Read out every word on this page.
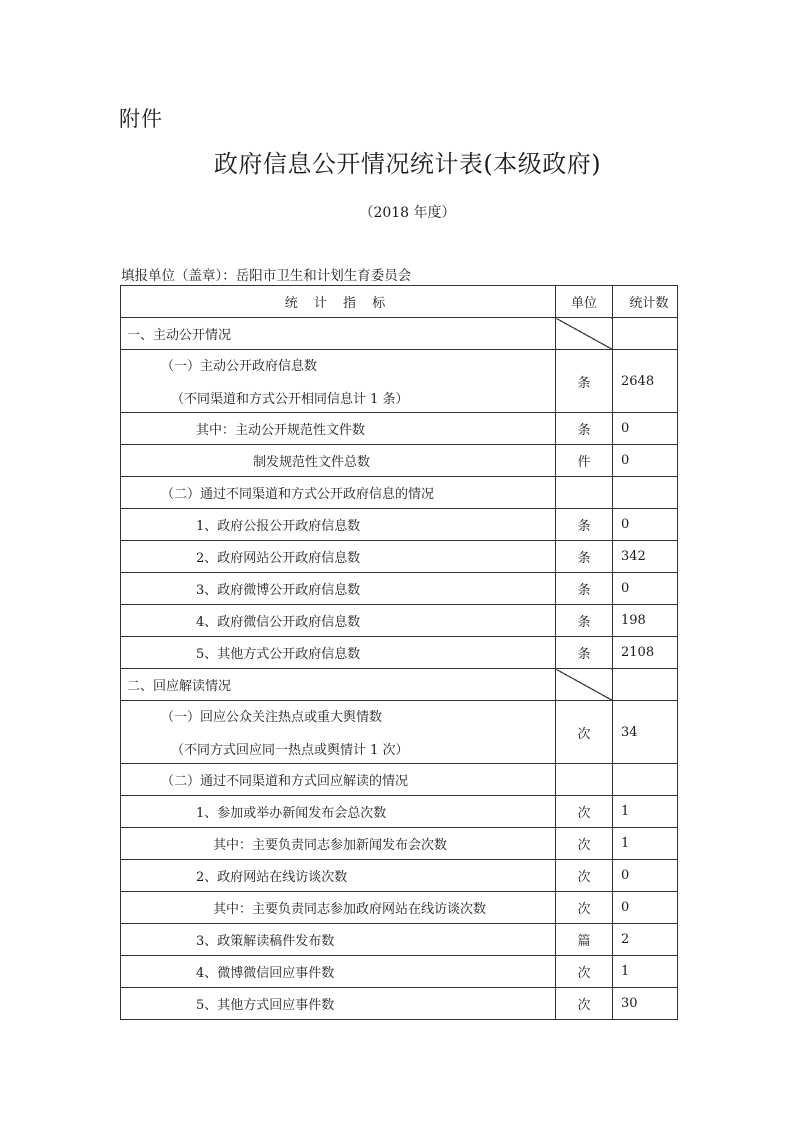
附件
政府信息公开情况统计表(本级政府)
（2018 年度）
填报单位（盖章）：岳阳市卫生和计划生育委员会
统 计 指 标	单位	统计数
一、主动公开情况		
（一）主动公开政府信息数
（不同渠道和方式公开相同信息计 1 条）	条	2648
其中：主动公开规范性文件数	条	0
制发规范性文件总数	件	0
（二）通过不同渠道和方式公开政府信息的情况		
1、政府公报公开政府信息数	条	0
2、政府网站公开政府信息数	条	342
3、政府微博公开政府信息数	条	0
4、政府微信公开政府信息数	条	198
5、其他方式公开政府信息数	条	2108
二、回应解读情况		
（一）回应公众关注热点或重大舆情数
（不同方式回应同一热点或舆情计 1 次）	次	34
（二）通过不同渠道和方式回应解读的情况		
1、参加或举办新闻发布会总次数	次	1
其中：主要负责同志参加新闻发布会次数	次	1
2、政府网站在线访谈次数	次	0
其中：主要负责同志参加政府网站在线访谈次数	次	0
3、政策解读稿件发布数	篇	2
4、微博微信回应事件数	次	1
5、其他方式回应事件数	次	30
